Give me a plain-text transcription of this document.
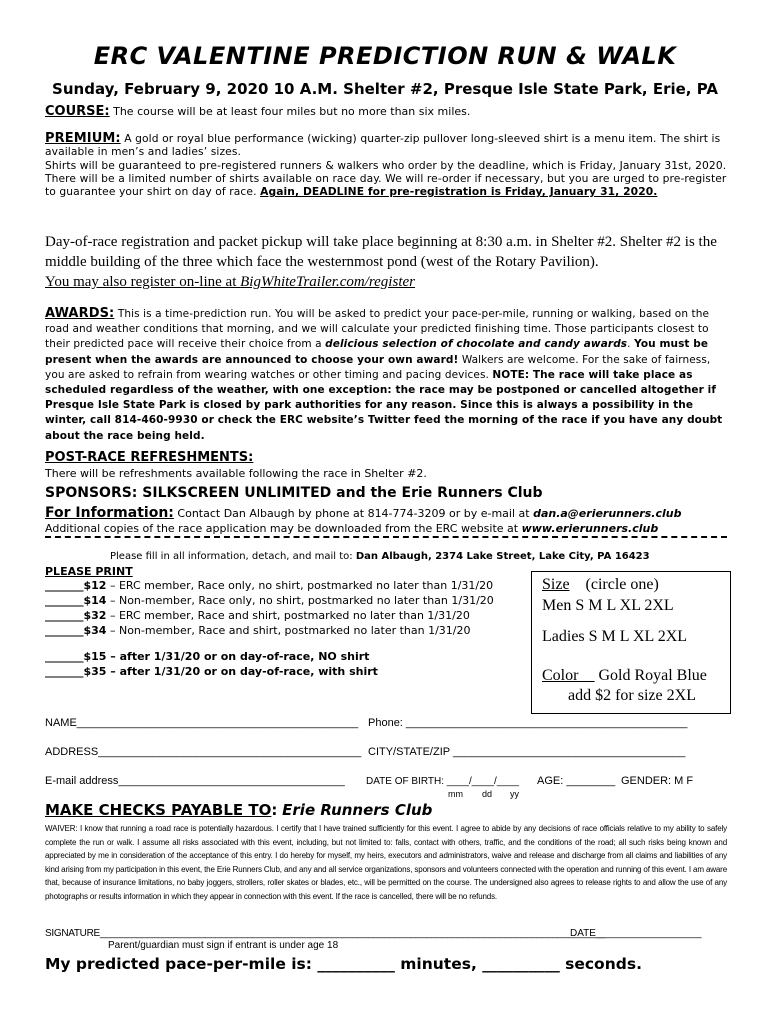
ERC VALENTINE PREDICTION RUN & WALK
Sunday, February 9, 2020 10 A.M. Shelter #2, Presque Isle State Park, Erie, PA
COURSE: The course will be at least four miles but no more than six miles.
PREMIUM: A gold or royal blue performance (wicking) quarter-zip pullover long-sleeved shirt is a menu item. The shirt is available in men’s and ladies’ sizes.
Shirts will be guaranteed to pre-registered runners & walkers who order by the deadline, which is Friday, January 31st, 2020. There will be a limited number of shirts available on race day. We will re-order if necessary, but you are urged to pre-register to guarantee your shirt on day of race. Again, DEADLINE for pre-registration is Friday, January 31, 2020.
Day-of-race registration and packet pickup will take place beginning at 8:30 a.m. in Shelter #2. Shelter #2 is the middle building of the three which face the westernmost pond (west of the Rotary Pavilion).
You may also register on-line at BigWhiteTrailer.com/register
AWARDS: This is a time-prediction run. You will be asked to predict your pace-per-mile, running or walking, based on the road and weather conditions that morning, and we will calculate your predicted finishing time. Those participants closest to their predicted pace will receive their choice from a delicious selection of chocolate and candy awards. You must be present when the awards are announced to choose your own award! Walkers are welcome. For the sake of fairness, you are asked to refrain from wearing watches or other timing and pacing devices. NOTE: The race will take place as scheduled regardless of the weather, with one exception: the race may be postponed or cancelled altogether if Presque Isle State Park is closed by park authorities for any reason. Since this is always a possibility in the winter, call 814-460-9930 or check the ERC website’s Twitter feed the morning of the race if you have any doubt about the race being held.
POST-RACE REFRESHMENTS:
There will be refreshments available following the race in Shelter #2.
SPONSORS: SILKSCREEN UNLIMITED and the Erie Runners Club
For Information: Contact Dan Albaugh by phone at 814-774-3209 or by e-mail at dan.a@erierunners.club
Additional copies of the race application may be downloaded from the ERC website at www.erierunners.club
Please fill in all information, detach, and mail to: Dan Albaugh, 2374 Lake Street, Lake City, PA 16423
PLEASE PRINT
_______$12 – ERC member, Race only, no shirt, postmarked no later than 1/31/20
_______$14 – Non-member, Race only, no shirt, postmarked no later than 1/31/20
_______$32 – ERC member, Race and shirt, postmarked no later than 1/31/20
_______$34 – Non-member, Race and shirt, postmarked no later than 1/31/20
_______$15 – after 1/31/20 or on day-of-race, NO shirt
_______$35 – after 1/31/20 or on day-of-race, with shirt
Size (circle one)
Men S M L XL 2XL
Ladies S M L XL 2XL
Color__ Gold Royal Blue
add $2 for size 2XL
NAME______________________________________________ Phone: ______________________________________________
ADDRESS___________________________________________ CITY/STATE/ZIP ______________________________________
E-mail address_____________________________________ DATE OF BIRTH: ____/____/____ AGE: ________ GENDER: M F
mm dd yy
MAKE CHECKS PAYABLE TO: Erie Runners Club
WAIVER: I know that running a road race is potentially hazardous. I certify that I have trained sufficiently for this event. I agree to abide by any decisions of race officials relative to my ability to safely complete the run or walk. I assume all risks associated with this event, including, but not limited to: falls, contact with others, traffic, and the conditions of the road; all such risks being known and appreciated by me in consideration of the acceptance of this entry. I do hereby for myself, my heirs, executors and administrators, waive and release and discharge from all claims and liabilities of any kind arising from my participation in this event, the Erie Runners Club, and any and all service organizations, sponsors and volunteers connected with the operation and running of this event. I am aware that, because of insurance limitations, no baby joggers, strollers, roller skates or blades, etc., will be permitted on the course. The undersigned also agrees to release rights to and allow the use of any photographs or results information in which they appear in connection with this event. If the race is cancelled, there will be no refunds.
SIGNATURE________________________________________________________________________________________________
DATE___________________
Parent/guardian must sign if entrant is under age 18
My predicted pace-per-mile is: __________ minutes, __________ seconds.
